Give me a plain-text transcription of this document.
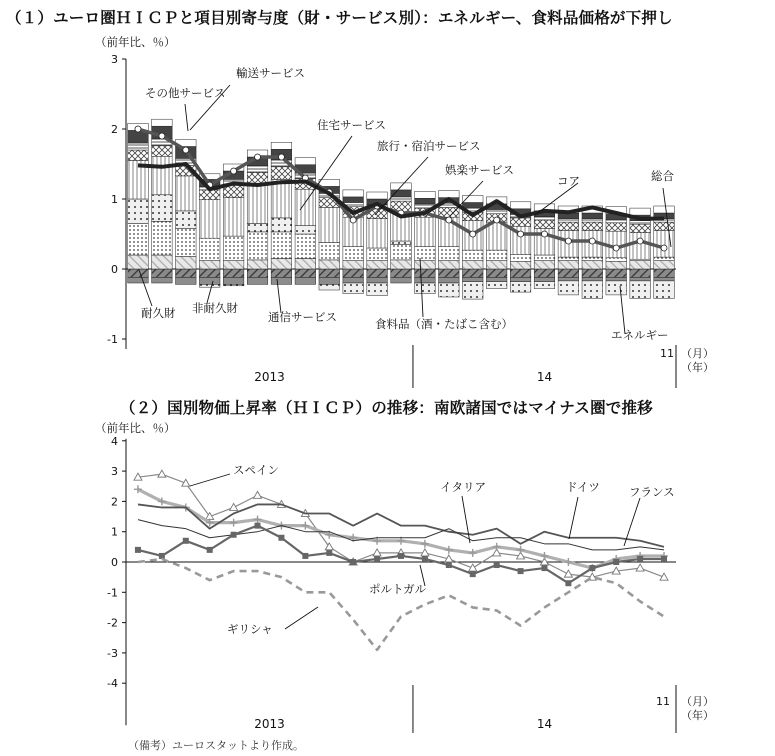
（１）ユーロ圏ＨＩＣＰと項目別寄与度（財・サービス別）：エネルギー、食料品価格が下押し
（前年比、％）
3
2
1
0
-1
2013	14
11 （月）
（年）
輸送サービス
その他サービス
住宅サービス
旅行・宿泊サービス
娯楽サービス
コア	総合
耐久財 非耐久財
通信サービス	食料品（酒・たばこ含む）
エネルギー
（２）国別物価上昇率（ＨＩＣＰ）の推移：南欧諸国ではマイナス圏で推移
（前年比、％）
4
3
2
1
0
-1
-2
-3
-4
2013	14
11 （月）
（年）
スペイン
イタリア	ドイツ	フランス
ポルトガル
ギリシャ
（備考）ユーロスタットより作成。
